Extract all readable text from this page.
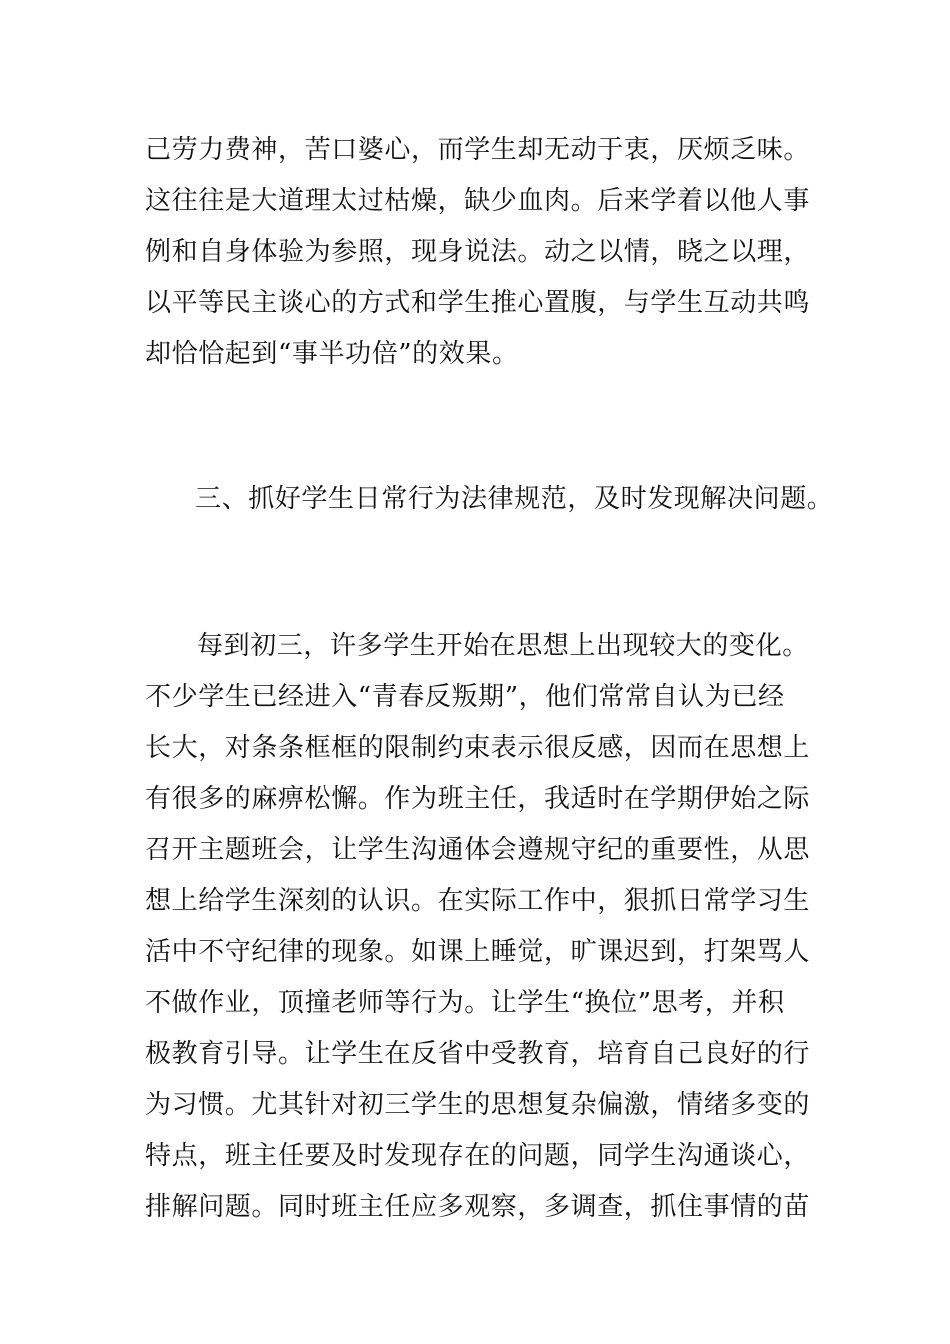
己劳力费神，苦口婆心，而学生却无动于衷，厌烦乏味。
这往往是大道理太过枯燥，缺少血肉。后来学着以他人事
例和自身体验为参照，现身说法。动之以情，晓之以理，
以平等民主谈心的方式和学生推心置腹，与学生互动共鸣
却恰恰起到“事半功倍”的效果。
三、抓好学生日常行为法律规范，及时发现解决问题。
每到初三，许多学生开始在思想上出现较大的变化。
不少学生已经进入“青春反叛期”，他们常常自认为已经
长大，对条条框框的限制约束表示很反感，因而在思想上
有很多的麻痹松懈。作为班主任，我适时在学期伊始之际
召开主题班会，让学生沟通体会遵规守纪的重要性，从思
想上给学生深刻的认识。在实际工作中，狠抓日常学习生
活中不守纪律的现象。如课上睡觉，旷课迟到，打架骂人
不做作业，顶撞老师等行为。让学生“换位”思考，并积
极教育引导。让学生在反省中受教育，培育自己良好的行
为习惯。尤其针对初三学生的思想复杂偏激，情绪多变的
特点，班主任要及时发现存在的问题，同学生沟通谈心，
排解问题。同时班主任应多观察，多调查，抓住事情的苗
